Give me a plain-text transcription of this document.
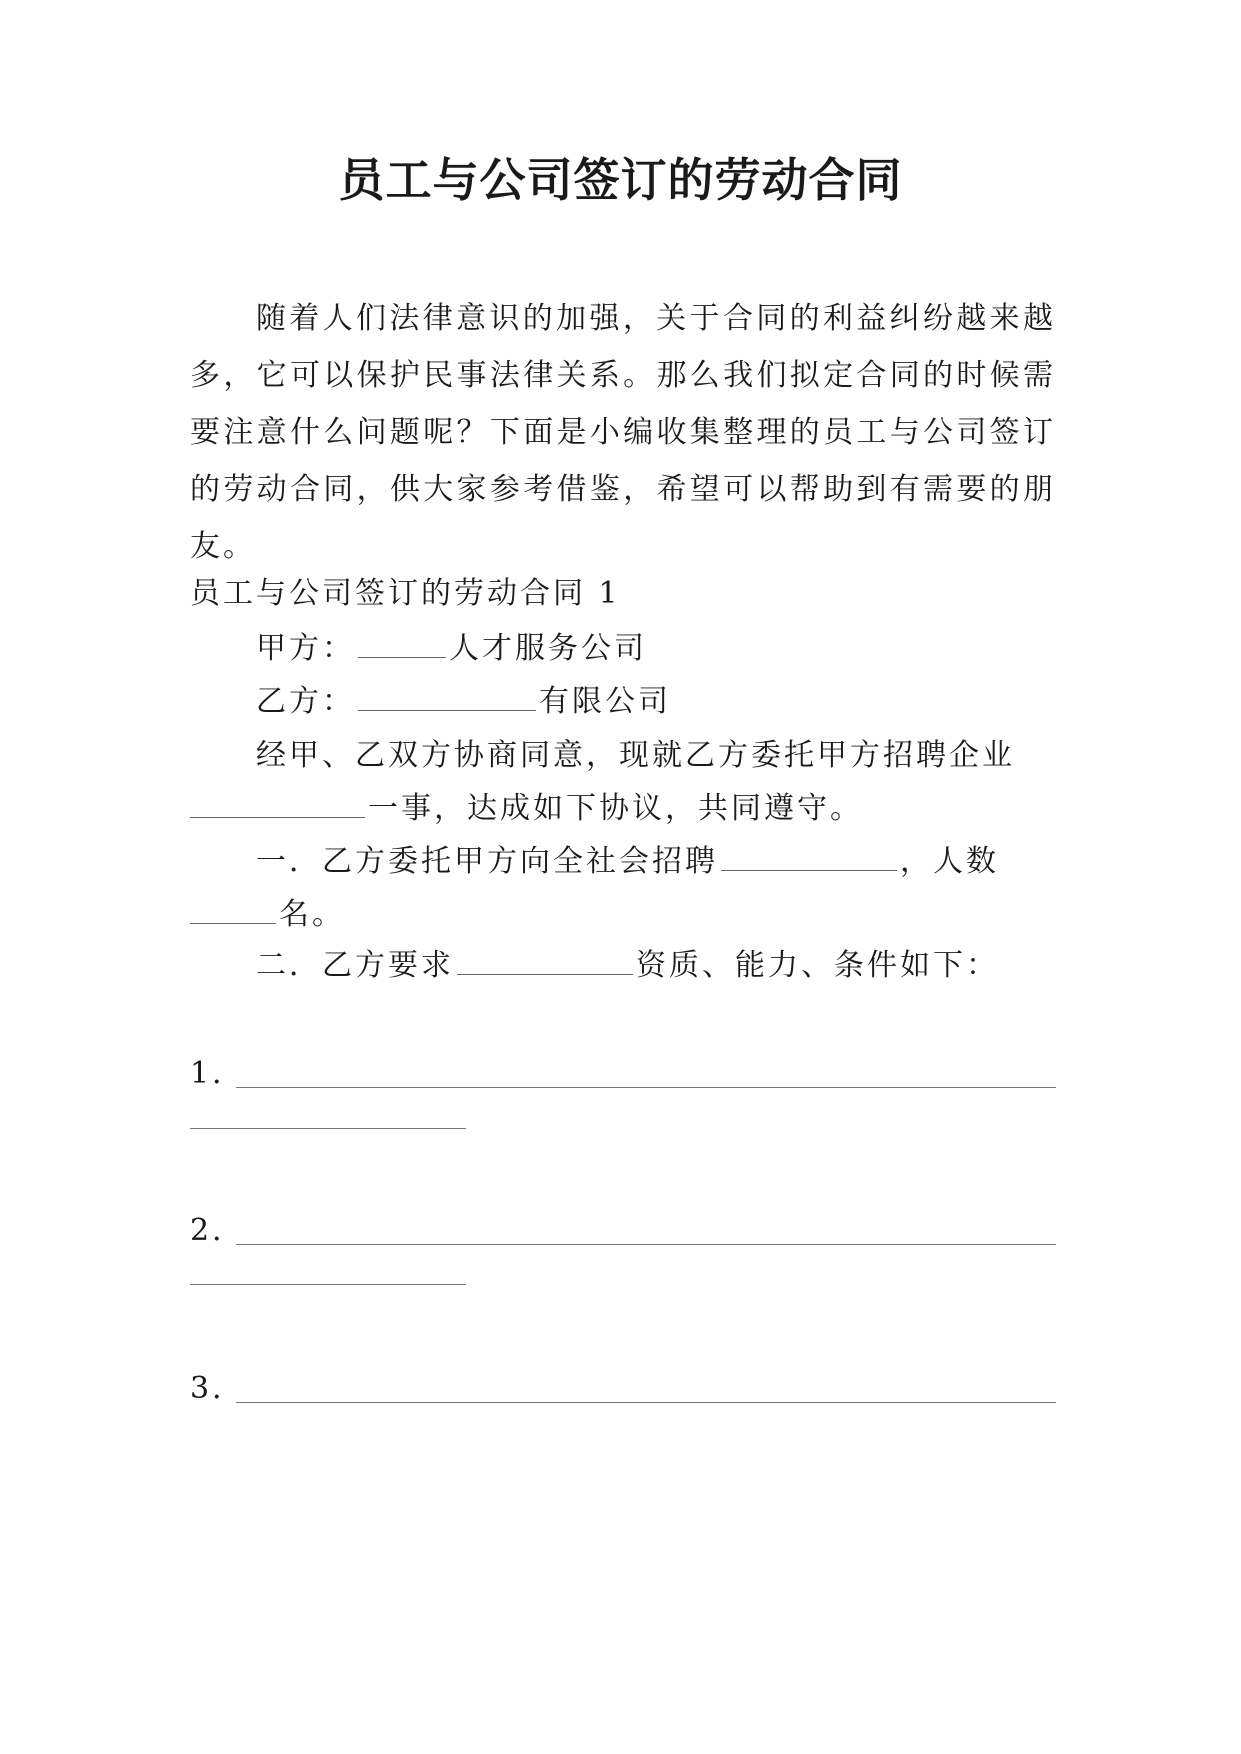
员工与公司签订的劳动合同

随着人们法律意识的加强，关于合同的利益纠纷越来越多，它可以保护民事法律关系。那么我们拟定合同的时候需要注意什么问题呢？下面是小编收集整理的员工与公司签订的劳动合同，供大家参考借鉴，希望可以帮助到有需要的朋友。

员工与公司签订的劳动合同 1
甲方：	人才服务公司
乙方：	有限公司
经甲、乙双方协商同意，现就乙方委托甲方招聘企业
一事，达成如下协议，共同遵守。
一．乙方委托甲方向全社会招聘	，人数
名。
二．乙方要求	资质、能力、条件如下：
1．
2．
3．
